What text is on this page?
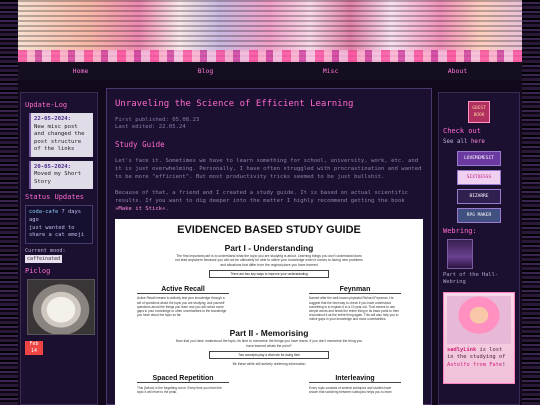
Home	Blog	Misc	About
Update-Log
22-05-2024:
New misc post and changed the post structure of the links
20-05-2024:
Moved my Short Story
Status Updates
coda-cafe 7 days ago
just wanted to share a cat emoji
Current mood:
caffeinated
Piclog
Feb 14
Unraveling the Science of Efficient Learning
First published: 05.08.23
Last edited: 22.05.24
Study Guide

Let's face it. Sometimes we have to learn something for school, university, work, etc. and it is just overwhelming. Personally, I have often struggled with procrastination and wanted to be more "efficient". But most productivity tricks seemed to be just bullshit.

Because of that, a friend and I created a study guide. It is based on actual scientific results. If you want to dig deeper into the matter I highly recommend getting the book »Make it Stick«.

EVIDENCED BASED STUDY GUIDE
Part I - Understanding
The first important part is to understand what the topic you are studying is about. Learning things you don't understand does not lead anywhere because you will not be ultimately be able to utilize your knowledge when it comes to facing new problems and situations that differ from the original place you have learned
There are two key ways to improve your understanding
Active Recall
Active Recall means to actively test your knowledge through a set of questions about the topic you are studying. Ask yourself questions about the things you learn and you will notice some gaps in your knowledge or other uncertainties to the knowledge you have about the topic so far.
Feynman
Named after the well-known physicist Richard Feynman. He suggest that the best way to check if you have understood something is to explain it to a 10 year old. That means to use simple words and break the entire thing in its basic parts to then reconstruct it as the entire thing again. This will also help you to notice gaps in your knowledge and close uncertainties.
Part II - Memorising
Now that you have understood the topic, its time to memorise the things you have learnt. If you don't memorise the thing you have learned whats the point?
Two concepts play a vital role for doing this!
Be these while still actively retrieving information
Spaced Repetition
This (below) is the forgetting curve. Every time you learn the topic it will reset to the peak.
Interleaving
Every topic consists of several subtopics and studies have shown that switching between subtopics helps you to learn
GUEST BOOK
Check out
See all here
LOVEMEMESIT
SIXTOESSS
BIZARRE
RPG MAKER
Webring:
Part of the Hall-Webring
sadlyLink is lost in the studying of Astolfo from Fate!
